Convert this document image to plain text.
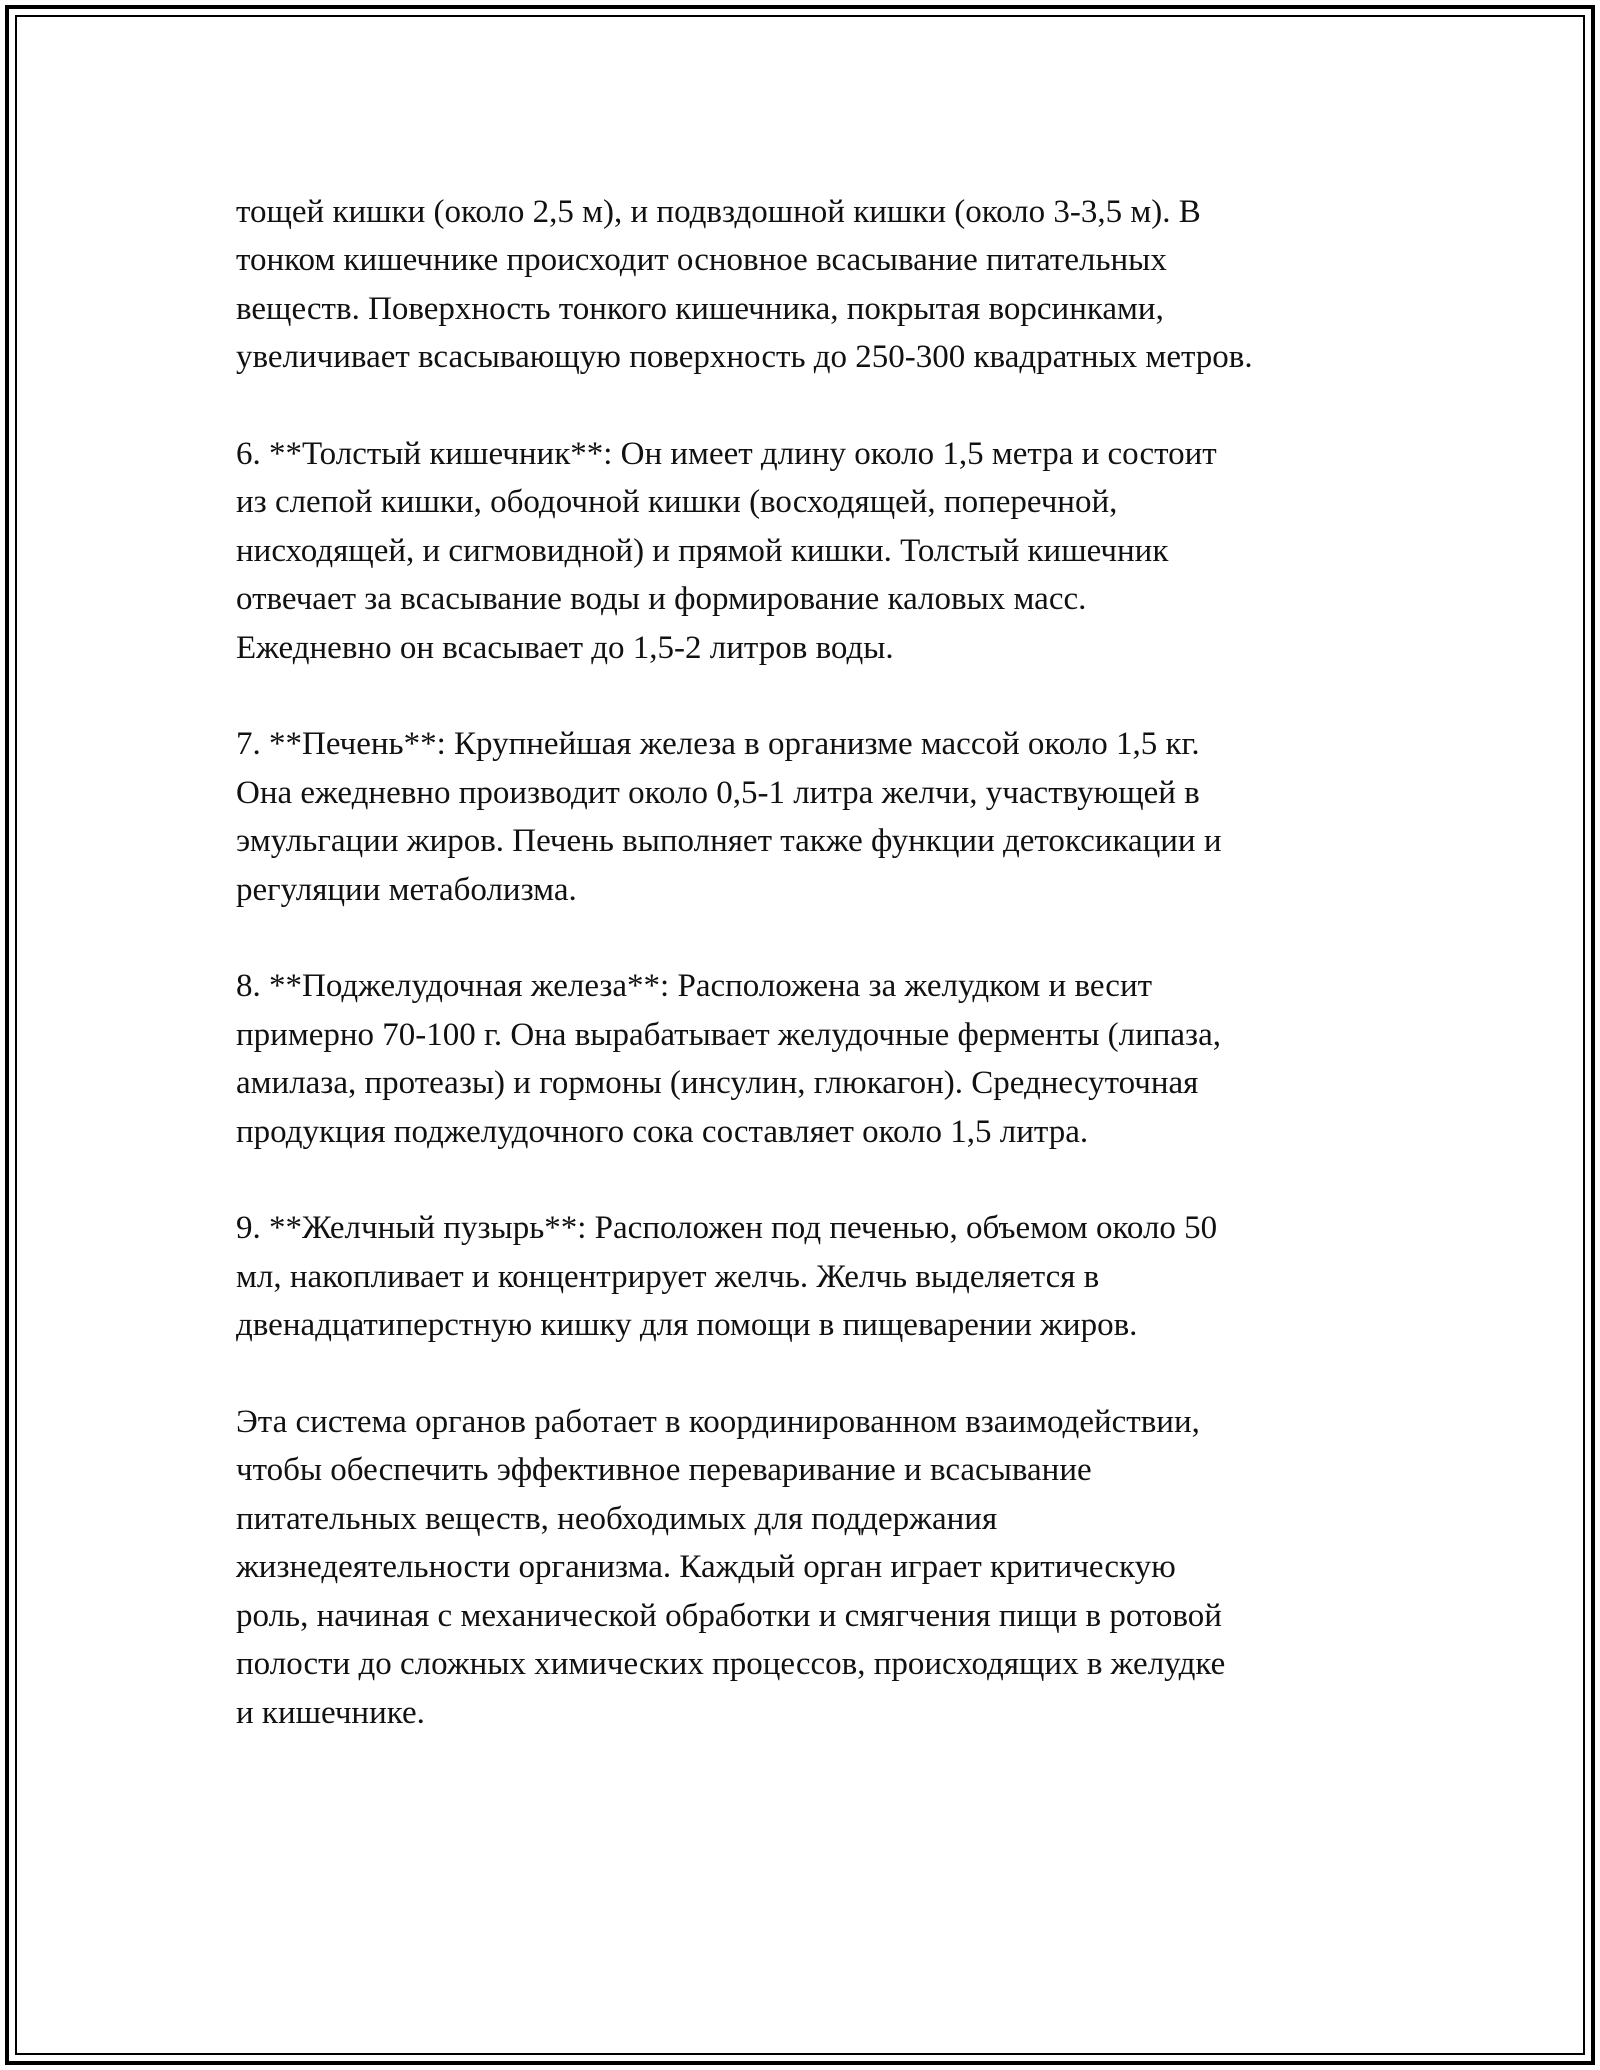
тощей кишки (около 2,5 м), и подвздошной кишки (около 3-3,5 м). В
тонком кишечнике происходит основное всасывание питательных
веществ. Поверхность тонкого кишечника, покрытая ворсинками,
увеличивает всасывающую поверхность до 250-300 квадратных метров.

6. **Толстый кишечник**: Он имеет длину около 1,5 метра и состоит
из слепой кишки, ободочной кишки (восходящей, поперечной,
нисходящей, и сигмовидной) и прямой кишки. Толстый кишечник
отвечает за всасывание воды и формирование каловых масс.
Ежедневно он всасывает до 1,5-2 литров воды.

7. **Печень**: Крупнейшая железа в организме массой около 1,5 кг.
Она ежедневно производит около 0,5-1 литра желчи, участвующей в
эмульгации жиров. Печень выполняет также функции детоксикации и
регуляции метаболизма.

8. **Поджелудочная железа**: Расположена за желудком и весит
примерно 70-100 г. Она вырабатывает желудочные ферменты (липаза,
амилаза, протеазы) и гормоны (инсулин, глюкагон). Среднесуточная
продукция поджелудочного сока составляет около 1,5 литра.

9. **Желчный пузырь**: Расположен под печенью, объемом около 50
мл, накопливает и концентрирует желчь. Желчь выделяется в
двенадцатиперстную кишку для помощи в пищеварении жиров.

Эта система органов работает в координированном взаимодействии,
чтобы обеспечить эффективное переваривание и всасывание
питательных веществ, необходимых для поддержания
жизнедеятельности организма. Каждый орган играет критическую
роль, начиная с механической обработки и смягчения пищи в ротовой
полости до сложных химических процессов, происходящих в желудке
и кишечнике.
